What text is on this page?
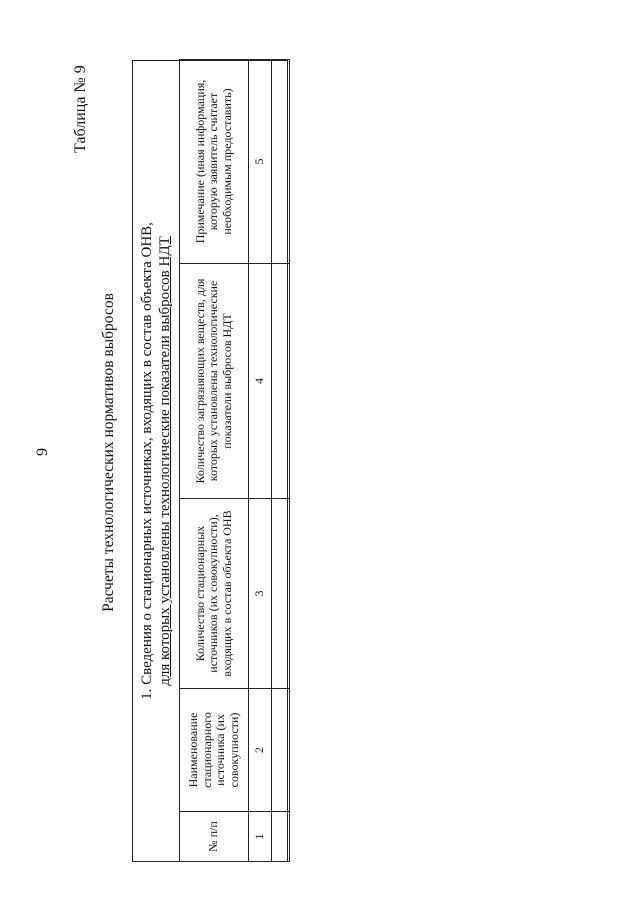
9
Таблица № 9
Расчеты технологических нормативов выбросов 1. Сведения о стационарных источниках, входящих в состав объекта ОНВ, для которых установлены технологические показатели выбросов НДТ
№ п/п	Наименование стационарного источника (их совокупности)	Количество стационарных источников (их совокупности), входящих в состав объекта ОНВ	Количество загрязняющих веществ, для которых установлены технологические показатели выбросов НДТ	Примечание (иная информация, которую заявитель считает необходимым предоставить)
1	2	3	4	5
